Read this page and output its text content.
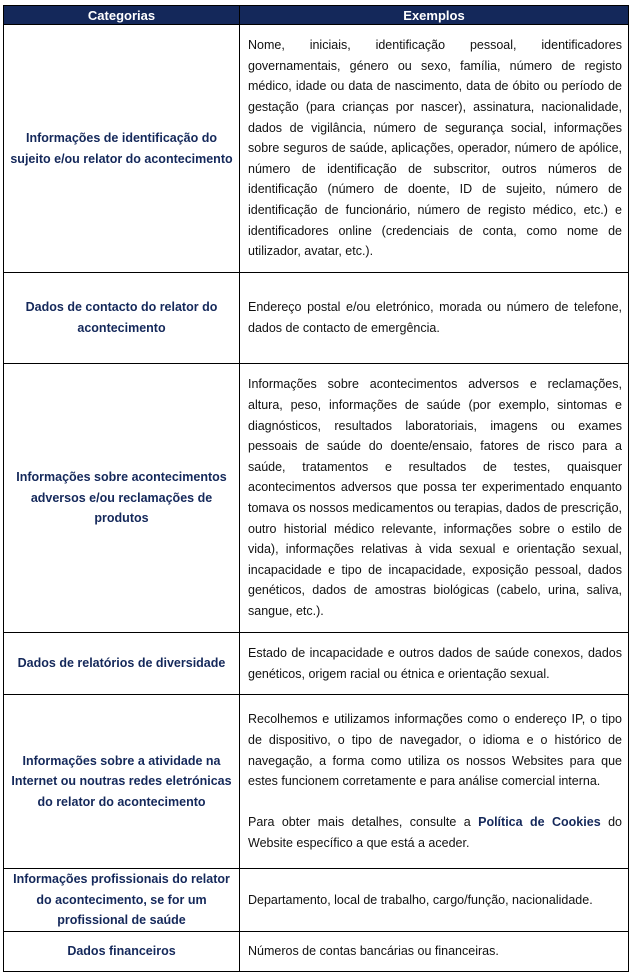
Categorias	Exemplos
Informações de identificação do sujeito e/ou relator do acontecimento	Nome, iniciais, identificação pessoal, identificadores governamentais, género ou sexo, família, número de registo médico, idade ou data de nascimento, data de óbito ou período de gestação (para crianças por nascer), assinatura, nacionalidade, dados de vigilância, número de segurança social, informações sobre seguros de saúde, aplicações, operador, número de apólice, número de identificação de subscritor, outros números de identificação (número de doente, ID de sujeito, número de identificação de funcionário, número de registo médico, etc.) e identificadores online (credenciais de conta, como nome de utilizador, avatar, etc.).
Dados de contacto do relator do acontecimento	Endereço postal e/ou eletrónico, morada ou número de telefone, dados de contacto de emergência.
Informações sobre acontecimentos adversos e/ou reclamações de produtos	Informações sobre acontecimentos adversos e reclamações, altura, peso, informações de saúde (por exemplo, sintomas e diagnósticos, resultados laboratoriais, imagens ou exames pessoais de saúde do doente/ensaio, fatores de risco para a saúde, tratamentos e resultados de testes, quaisquer acontecimentos adversos que possa ter experimentado enquanto tomava os nossos medicamentos ou terapias, dados de prescrição, outro historial médico relevante, informações sobre o estilo de vida), informações relativas à vida sexual e orientação sexual, incapacidade e tipo de incapacidade, exposição pessoal, dados genéticos, dados de amostras biológicas (cabelo, urina, saliva, sangue, etc.).
Dados de relatórios de diversidade	Estado de incapacidade e outros dados de saúde conexos, dados genéticos, origem racial ou étnica e orientação sexual.
Informações sobre a atividade na Internet ou noutras redes eletrónicas do relator do acontecimento	Recolhemos e utilizamos informações como o endereço IP, o tipo de dispositivo, o tipo de navegador, o idioma e o histórico de navegação, a forma como utiliza os nossos Websites para que estes funcionem corretamente e para análise comercial interna.

Para obter mais detalhes, consulte a Política de Cookies do Website específico a que está a aceder.

Informações profissionais do relator do acontecimento, se for um profissional de saúde	Departamento, local de trabalho, cargo/função, nacionalidade.
Dados financeiros	Números de contas bancárias ou financeiras.
